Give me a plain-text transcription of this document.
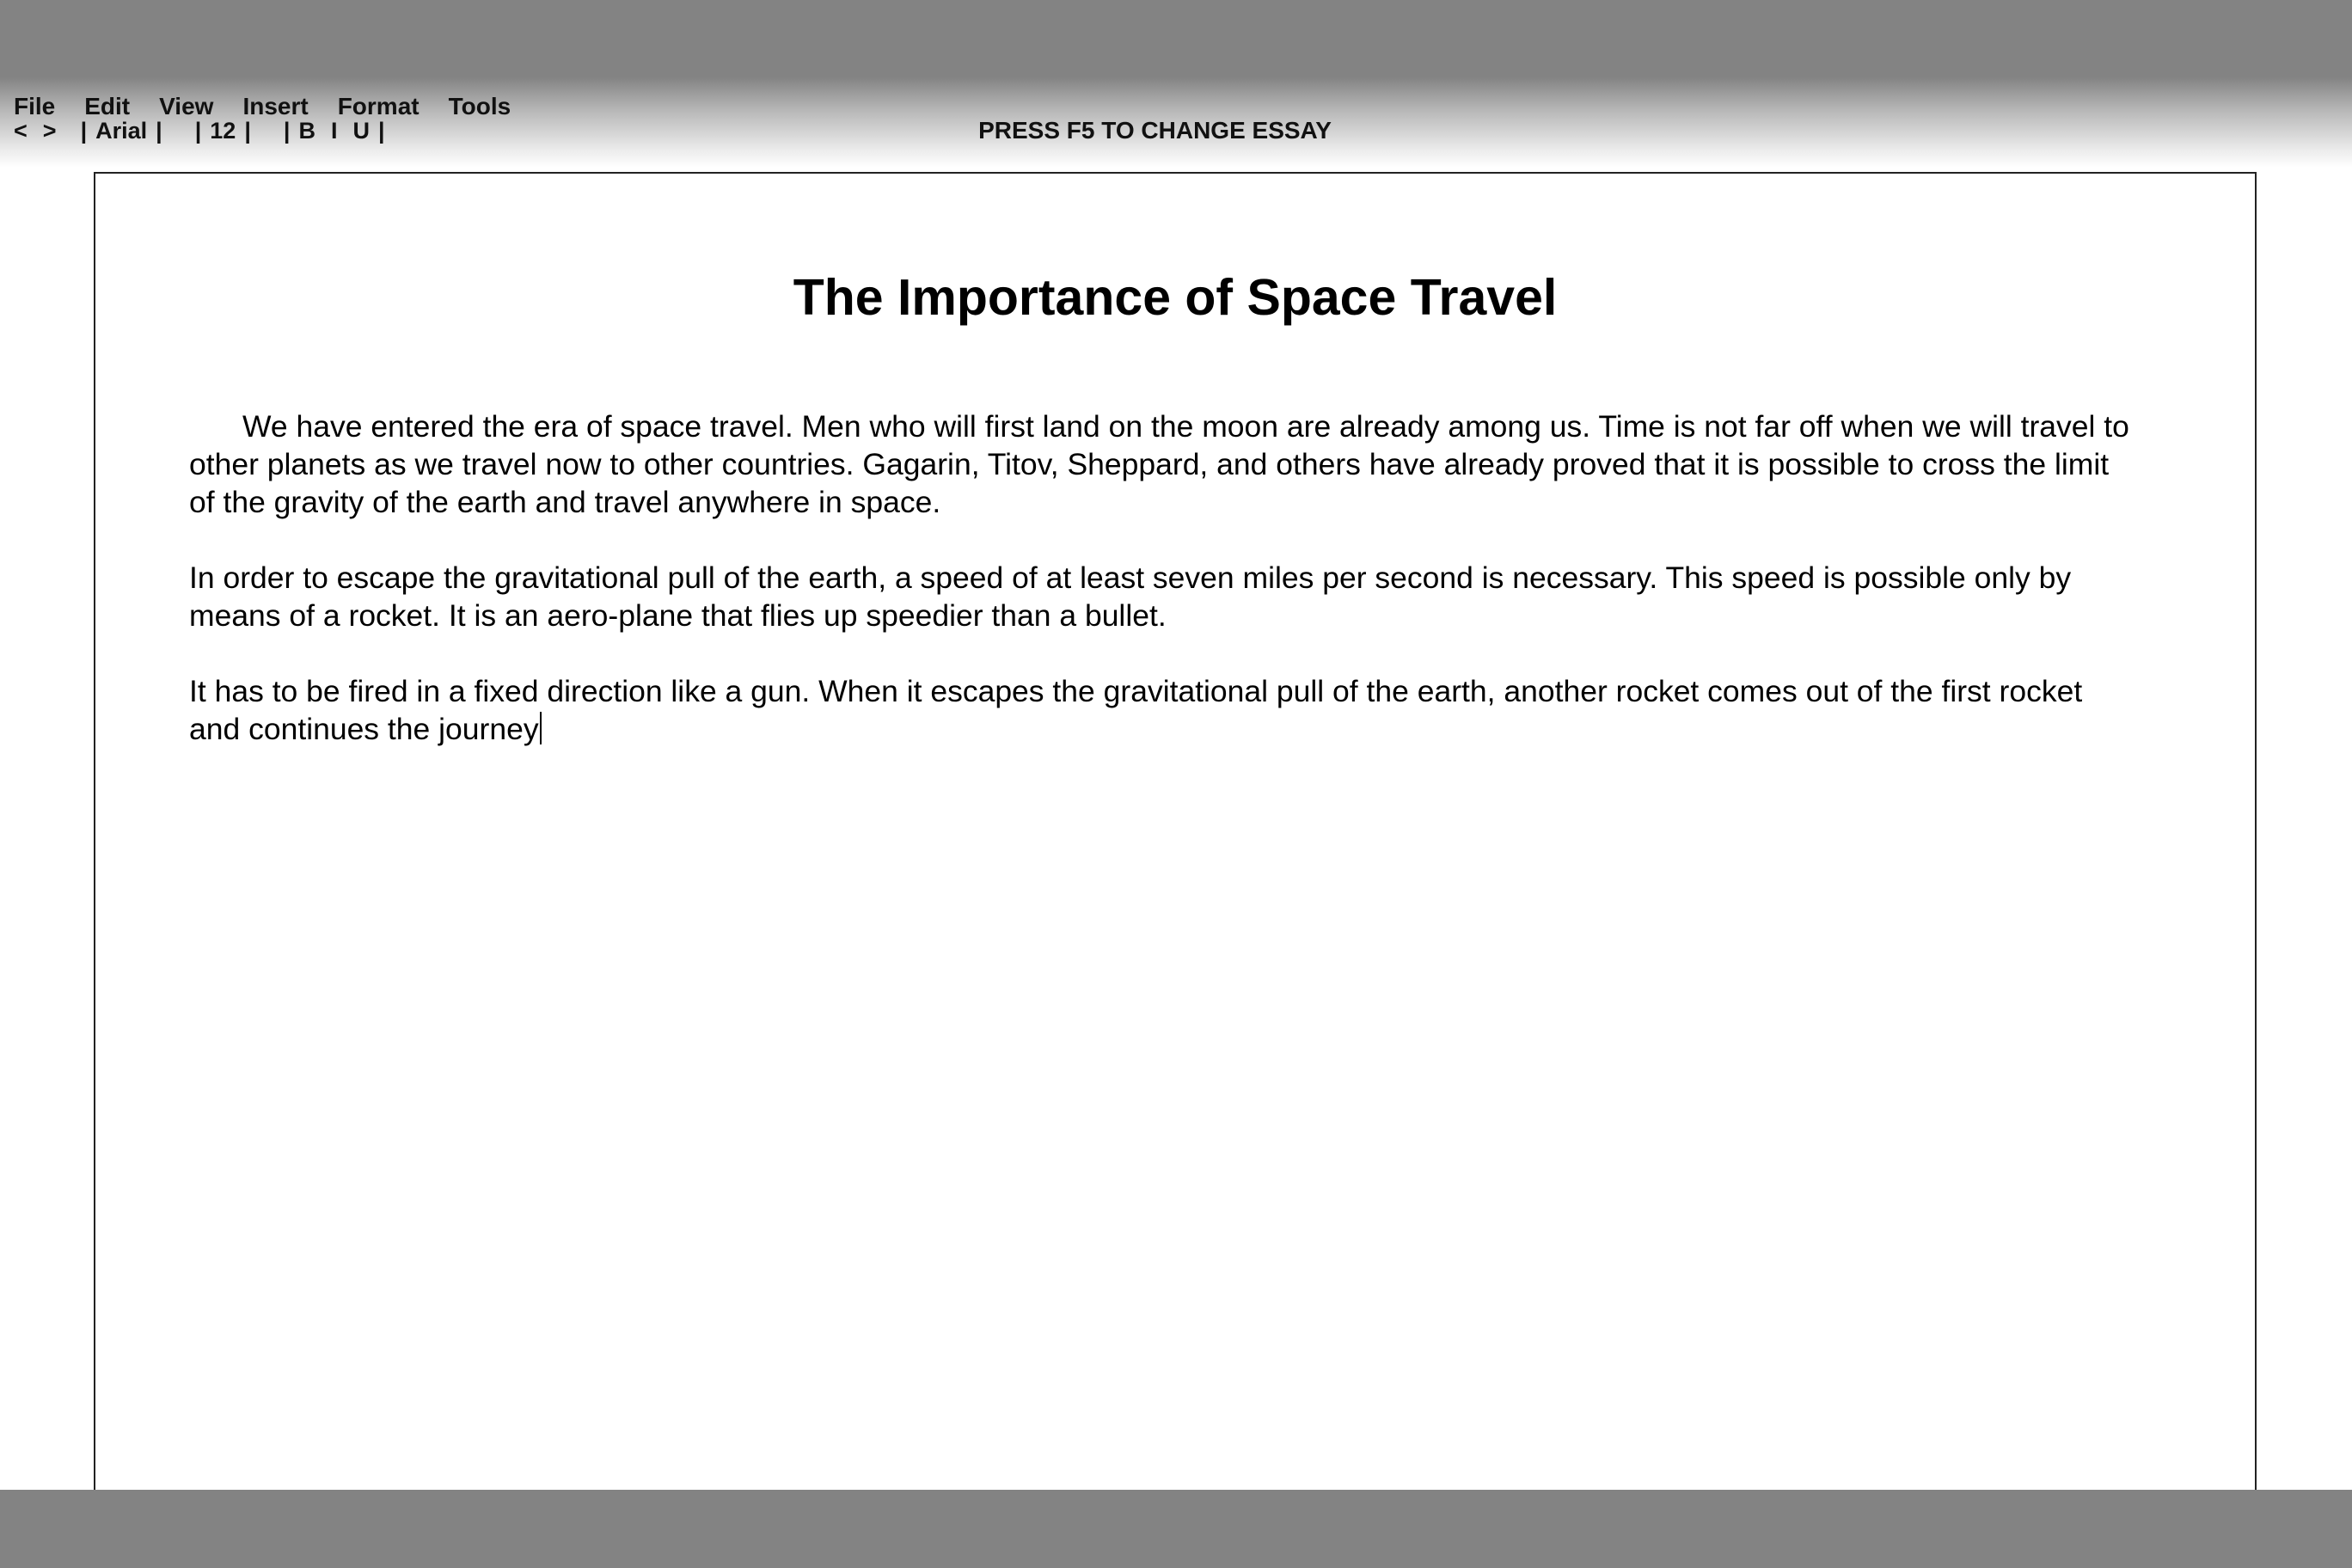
File Edit View Insert Format Tools
< > | Arial | | 12 | | B I U |	PRESS F5 TO CHANGE ESSAY
The Importance of Space Travel

We have entered the era of space travel. Men who will first land on the moon are already among us. Time is not far off when we will travel to other planets as we travel now to other countries. Gagarin, Titov, Sheppard, and others have already proved that it is possible to cross the limit of the gravity of the earth and travel anywhere in space.

In order to escape the gravitational pull of the earth, a speed of at least seven miles per second is necessary. This speed is possible only by means of a rocket. It is an aero-plane that flies up speedier than a bullet.

It has to be fired in a fixed direction like a gun. When it escapes the gravitational pull of the earth, another rocket comes out of the first rocket and continues the journey
